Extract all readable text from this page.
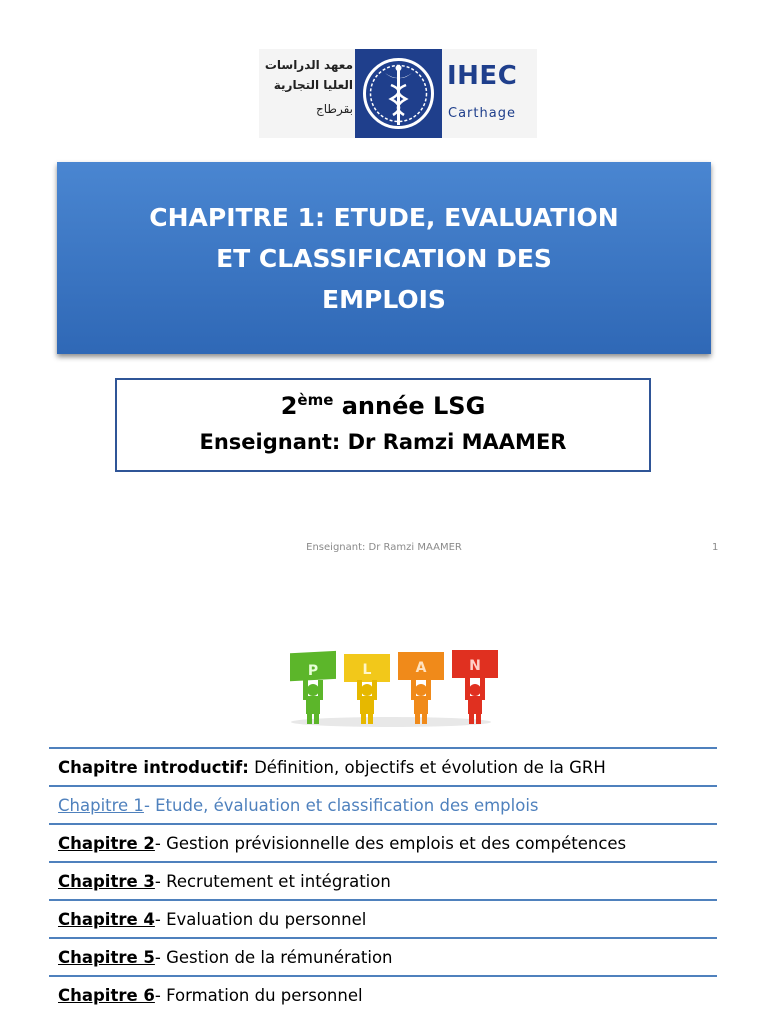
معهد الدراسات
العليا التجارية
بقرطاج
IHEC
Carthage
CHAPITRE 1: ETUDE, EVALUATION
ET CLASSIFICATION DES
EMPLOIS
2ème année LSG
Enseignant: Dr Ramzi MAAMER
Enseignant: Dr Ramzi MAAMER	1
P	L	A	N
Chapitre introductif: Définition, objectifs et évolution de la GRH
Chapitre 1- Etude, évaluation et classification des emplois
Chapitre 2- Gestion prévisionnelle des emplois et des compétences
Chapitre 3- Recrutement et intégration
Chapitre 4- Evaluation du personnel
Chapitre 5- Gestion de la rémunération
Chapitre 6- Formation du personnel
